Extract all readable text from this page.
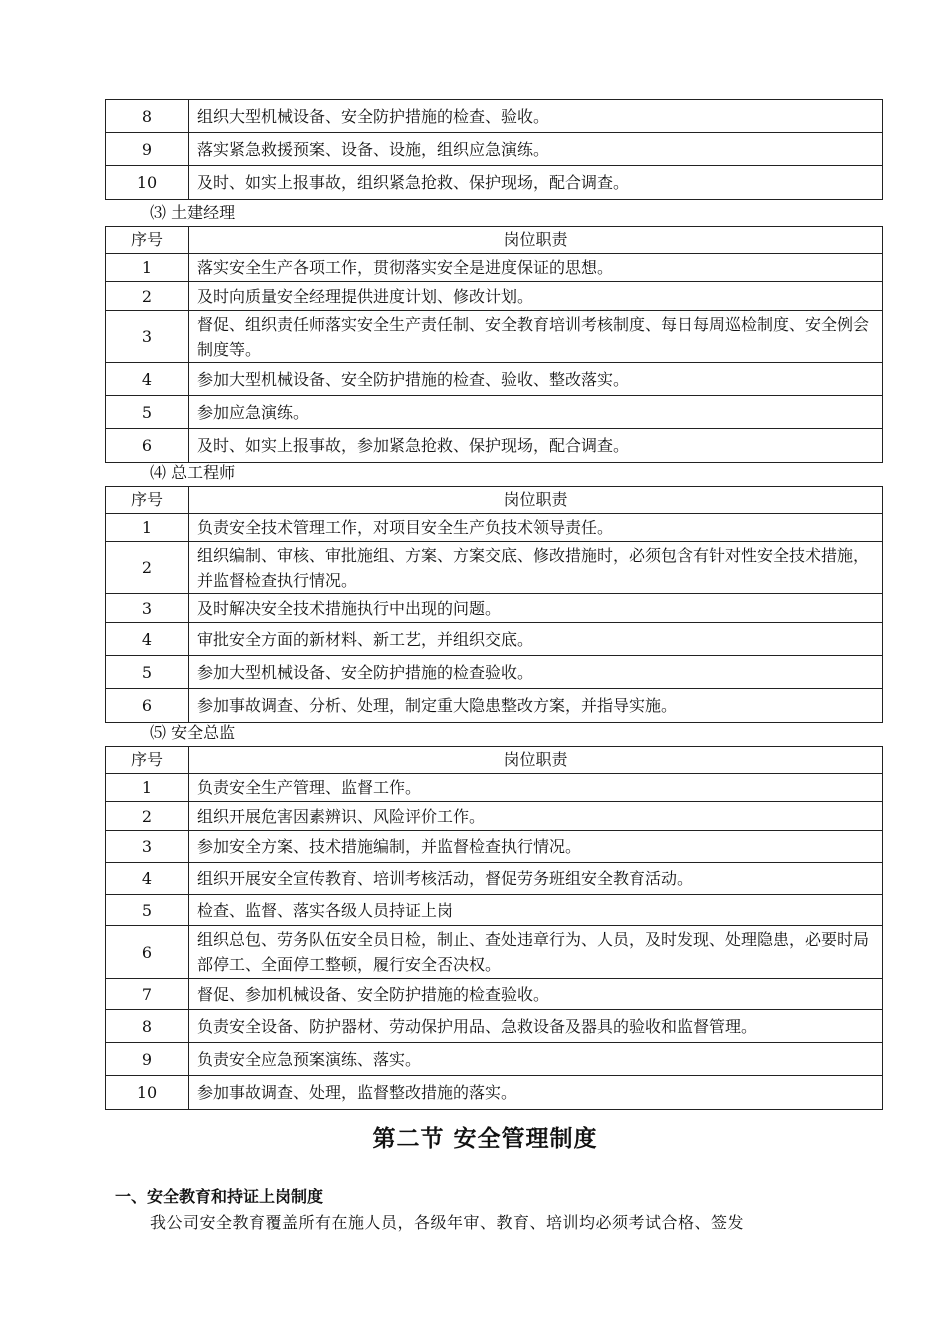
8	组织大型机械设备、安全防护措施的检查、验收。
9	落实紧急救援预案、设备、设施，组织应急演练。
10	及时、如实上报事故，组织紧急抢救、保护现场，配合调查。
⑶ 土建经理
序号	岗位职责
1	落实安全生产各项工作，贯彻落实安全是进度保证的思想。
2	及时向质量安全经理提供进度计划、修改计划。
3	督促、组织责任师落实安全生产责任制、安全教育培训考核制度、每日每周巡检制度、安全例会制度等。
4	参加大型机械设备、安全防护措施的检查、验收、整改落实。
5	参加应急演练。
6	及时、如实上报事故，参加紧急抢救、保护现场，配合调查。
⑷ 总工程师
序号	岗位职责
1	负责安全技术管理工作，对项目安全生产负技术领导责任。
2	组织编制、审核、审批施组、方案、方案交底、修改措施时，必须包含有针对性安全技术措施，并监督检查执行情况。
3	及时解决安全技术措施执行中出现的问题。
4	审批安全方面的新材料、新工艺，并组织交底。
5	参加大型机械设备、安全防护措施的检查验收。
6	参加事故调查、分析、处理，制定重大隐患整改方案，并指导实施。
⑸ 安全总监
序号	岗位职责
1	负责安全生产管理、监督工作。
2	组织开展危害因素辨识、风险评价工作。
3	参加安全方案、技术措施编制，并监督检查执行情况。
4	组织开展安全宣传教育、培训考核活动，督促劳务班组安全教育活动。
5	检查、监督、落实各级人员持证上岗
6	组织总包、劳务队伍安全员日检，制止、查处违章行为、人员，及时发现、处理隐患，必要时局部停工、全面停工整顿，履行安全否决权。
7	督促、参加机械设备、安全防护措施的检查验收。
8	负责安全设备、防护器材、劳动保护用品、急救设备及器具的验收和监督管理。
9	负责安全应急预案演练、落实。
10	参加事故调查、处理，监督整改措施的落实。
第二节 安全管理制度
一、安全教育和持证上岗制度
我公司安全教育覆盖所有在施人员，各级年审、教育、培训均必须考试合格、签发
